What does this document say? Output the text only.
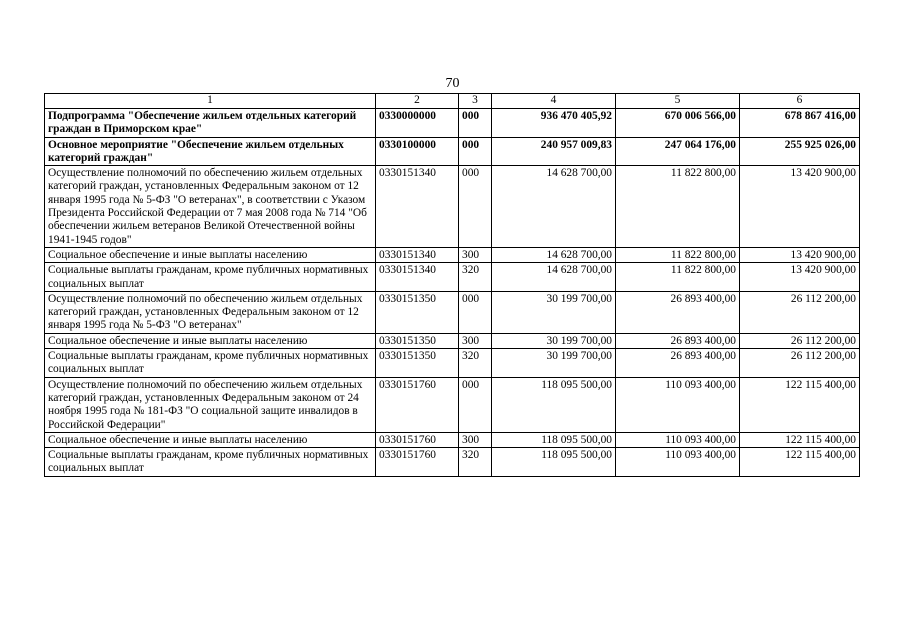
70
1	2	3	4	5	6
Подпрограмма "Обеспечение жильем отдельных категорий граждан в Приморском крае"	0330000000	000	936 470 405,92	670 006 566,00	678 867 416,00
Основное мероприятие "Обеспечение жильем отдельных категорий граждан"	0330100000	000	240 957 009,83	247 064 176,00	255 925 026,00
Осуществление полномочий по обеспечению жильем отдельных категорий граждан, установленных Федеральным законом от 12 января 1995 года № 5-ФЗ "О ветеранах", в соответствии с Указом Президента Российской Федерации от 7 мая 2008 года № 714 "Об обеспечении жильем ветеранов Великой Отечественной войны 1941-1945 годов"	0330151340	000	14 628 700,00	11 822 800,00	13 420 900,00
Социальное обеспечение и иные выплаты населению	0330151340	300	14 628 700,00	11 822 800,00	13 420 900,00
Социальные выплаты гражданам, кроме публичных нормативных социальных выплат	0330151340	320	14 628 700,00	11 822 800,00	13 420 900,00
Осуществление полномочий по обеспечению жильем отдельных категорий граждан, установленных Федеральным законом от 12 января 1995 года № 5-ФЗ "О ветеранах"	0330151350	000	30 199 700,00	26 893 400,00	26 112 200,00
Социальное обеспечение и иные выплаты населению	0330151350	300	30 199 700,00	26 893 400,00	26 112 200,00
Социальные выплаты гражданам, кроме публичных нормативных социальных выплат	0330151350	320	30 199 700,00	26 893 400,00	26 112 200,00
Осуществление полномочий по обеспечению жильем отдельных категорий граждан, установленных Федеральным законом от 24 ноября 1995 года № 181-ФЗ "О социальной защите инвалидов в Российской Федерации"	0330151760	000	118 095 500,00	110 093 400,00	122 115 400,00
Социальное обеспечение и иные выплаты населению	0330151760	300	118 095 500,00	110 093 400,00	122 115 400,00
Социальные выплаты гражданам, кроме публичных нормативных социальных выплат	0330151760	320	118 095 500,00	110 093 400,00	122 115 400,00
